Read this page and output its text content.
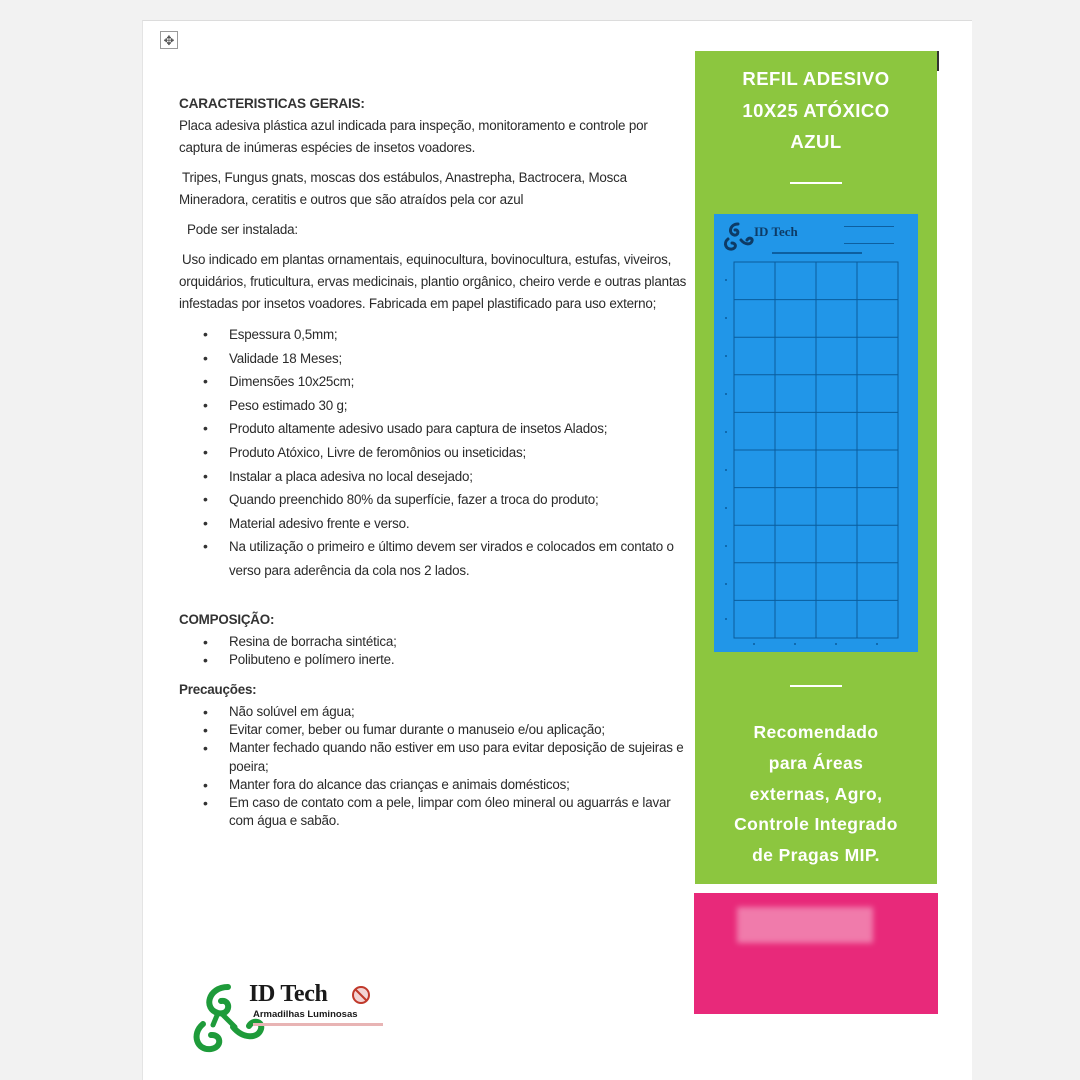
✥
CARACTERISTICAS GERAIS:

Placa adesiva plástica azul indicada para inspeção, monitoramento e controle por captura de inúmeras espécies de insetos voadores.

Tripes, Fungus gnats, moscas dos estábulos, Anastrepha, Bactrocera, Mosca Mineradora, ceratitis e outros que são atraídos pela cor azul

Pode ser instalada:

Uso indicado em plantas ornamentais, equinocultura, bovinocultura, estufas, viveiros, orquidários, fruticultura, ervas medicinais, plantio orgânico, cheiro verde e outras plantas infestadas por insetos voadores. Fabricada em papel plastificado para uso externo;

• Espessura 0,5mm;
• Validade 18 Meses;
• Dimensões 10x25cm;
• Peso estimado 30 g;
• Produto altamente adesivo usado para captura de insetos Alados;
• Produto Atóxico, Livre de feromônios ou inseticidas;
• Instalar a placa adesiva no local desejado;
• Quando preenchido 80% da superfície, fazer a troca do produto;
• Material adesivo frente e verso.
• Na utilização o primeiro e último devem ser virados e colocados em contato o verso para aderência da cola nos 2 lados.
COMPOSIÇÃO:
• Resina de borracha sintética;
• Polibuteno e polímero inerte.
Precauções:
• Não solúvel em água;
• Evitar comer, beber ou fumar durante o manuseio e/ou aplicação;
• Manter fechado quando não estiver em uso para evitar deposição de sujeiras e poeira;
• Manter fora do alcance das crianças e animais domésticos;
• Em caso de contato com a pele, limpar com óleo mineral ou aguarrás e lavar com água e sabão.
ID Tech
Armadilhas Luminosas
REFIL ADESIVO
10X25 ATÓXICO
AZUL
Recomendado
para Áreas
externas, Agro,
Controle Integrado
de Pragas MIP.
ID Tech
